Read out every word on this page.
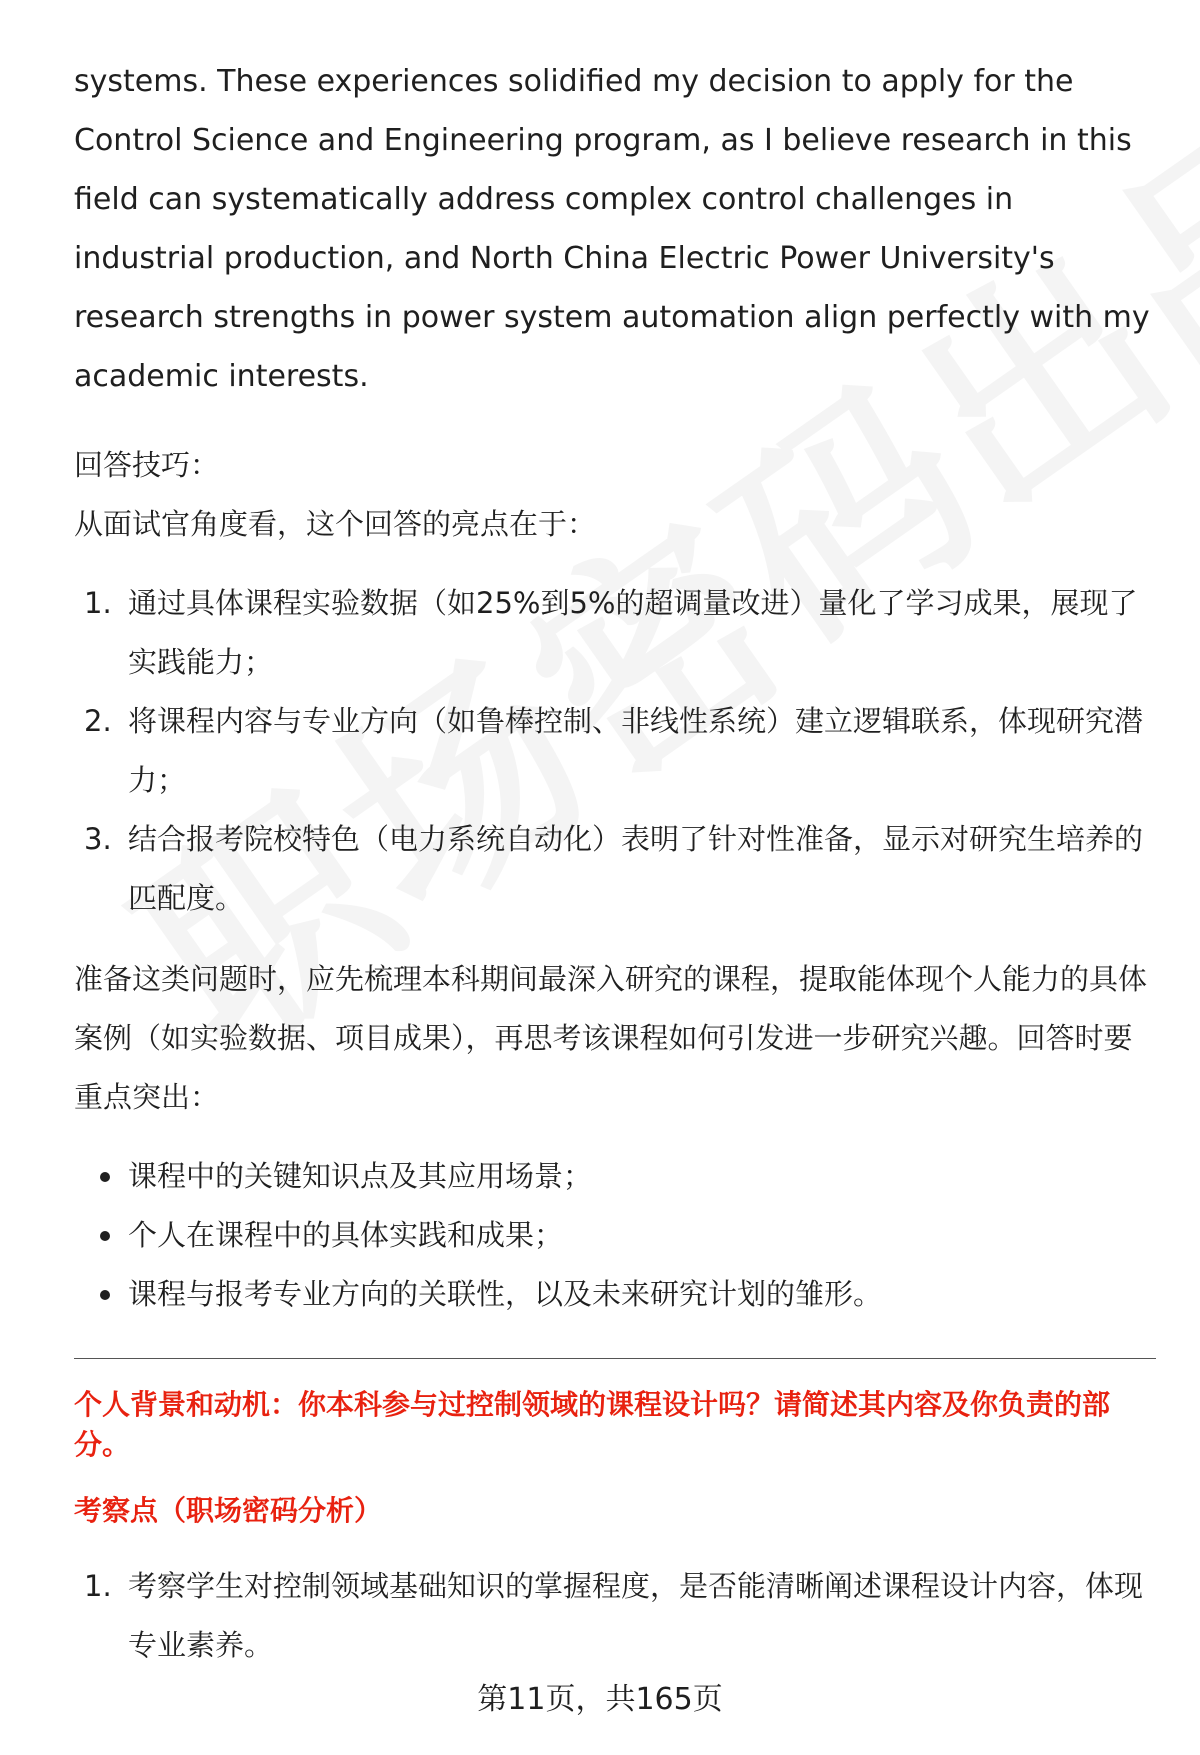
systems. These experiences solidified my decision to apply for the Control Science and Engineering program, as I believe research in this field can systematically address complex control challenges in industrial production, and North China Electric Power University's research strengths in power system automation align perfectly with my academic interests.

回答技巧：

从面试官角度看，这个回答的亮点在于：

1. 通过具体课程实验数据（如25%到5%的超调量改进）量化了学习成果，展现了实践能力；
2. 将课程内容与专业方向（如鲁棒控制、非线性系统）建立逻辑联系，体现研究潜力；
3. 结合报考院校特色（电力系统自动化）表明了针对性准备，显示对研究生培养的匹配度。

准备这类问题时，应先梳理本科期间最深入研究的课程，提取能体现个人能力的具体案例（如实验数据、项目成果），再思考该课程如何引发进一步研究兴趣。回答时要重点突出：

课程中的关键知识点及其应用场景；
个人在课程中的具体实践和成果；
课程与报考专业方向的关联性，以及未来研究计划的雏形。

个人背景和动机：你本科参与过控制领域的课程设计吗？请简述其内容及你负责的部分。

考察点（职场密码分析）

1. 考察学生对控制领域基础知识的掌握程度，是否能清晰阐述课程设计内容，体现专业素养。
第11页，共165页
